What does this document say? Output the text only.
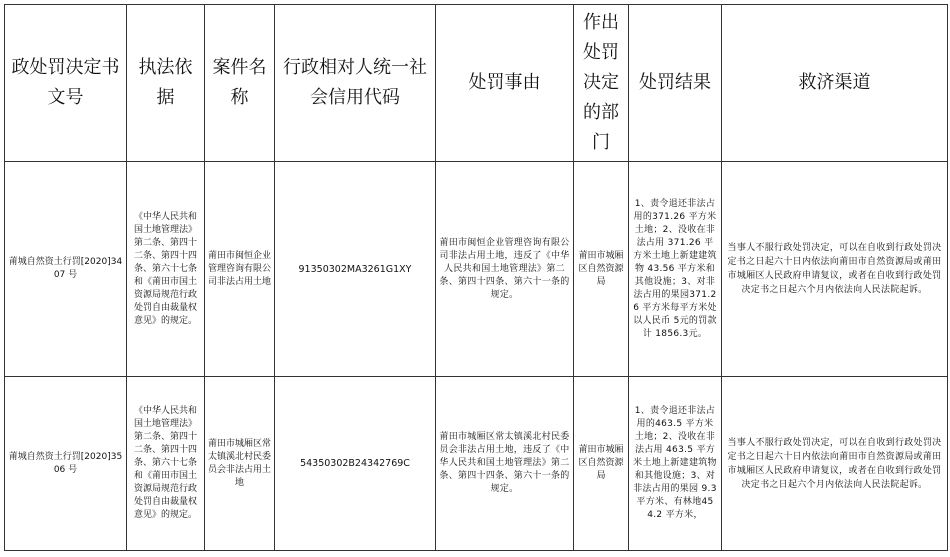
政处罚决定书文号	执法依据	案件名称	行政相对人统一社会信用代码	处罚事由	作出处罚决定的部门	处罚结果	救济渠道
莆城自然资土行罚[2020]3407 号	《中华人民共和国土地管理法》第二条、第四十二条、第四十四条、第六十七条和《莆田市国土资源局规范行政处罚自由裁量权意见》的规定。	莆田市闽恒企业管理咨询有限公司非法占用土地	91350302MA3261G1XY	莆田市闽恒企业管理咨询有限公司非法占用土地，违反了《中华人民共和国土地管理法》第二条、第四十四条、第六十一条的规定。	莆田市城厢区自然资源局	1、责令退还非法占用的371.26 平方米土地；2、没收在非法占用 371.26 平方米土地上新建建筑物 43.56 平方米和其他设施；3、对非法占用的果园371.26 平方米每平方米处以人民币 5元的罚款计 1856.3元。	当事人不服行政处罚决定，可以在自收到行政处罚决定书之日起六十日内依法向莆田市自然资源局或莆田市城厢区人民政府申请复议，或者在自收到行政处罚决定书之日起六个月内依法向人民法院起诉。
莆城自然资土行罚[2020]3506 号	《中华人民共和国土地管理法》第二条、第四十二条、第四十四条、第六十七条和《莆田市国土资源局规范行政处罚自由裁量权意见》的规定。	莆田市城厢区常太镇溪北村民委员会非法占用土地	54350302B24342769C	莆田市城厢区常太镇溪北村民委员会非法占用土地，违反了《中华人民共和国土地管理法》第二条、第四十四条、第六十一条的规定。	莆田市城厢区自然资源局	1、责令退还非法占用的463.5 平方米土地；2、没收在非法占用 463.5 平方米土地上新建建筑物和其他设施；3、对非法占用的果园 9.3 平方米、有林地454.2 平方米，	当事人不服行政处罚决定，可以在自收到行政处罚决定书之日起六十日内依法向莆田市自然资源局或莆田市城厢区人民政府申请复议，或者在自收到行政处罚决定书之日起六个月内依法向人民法院起诉。
